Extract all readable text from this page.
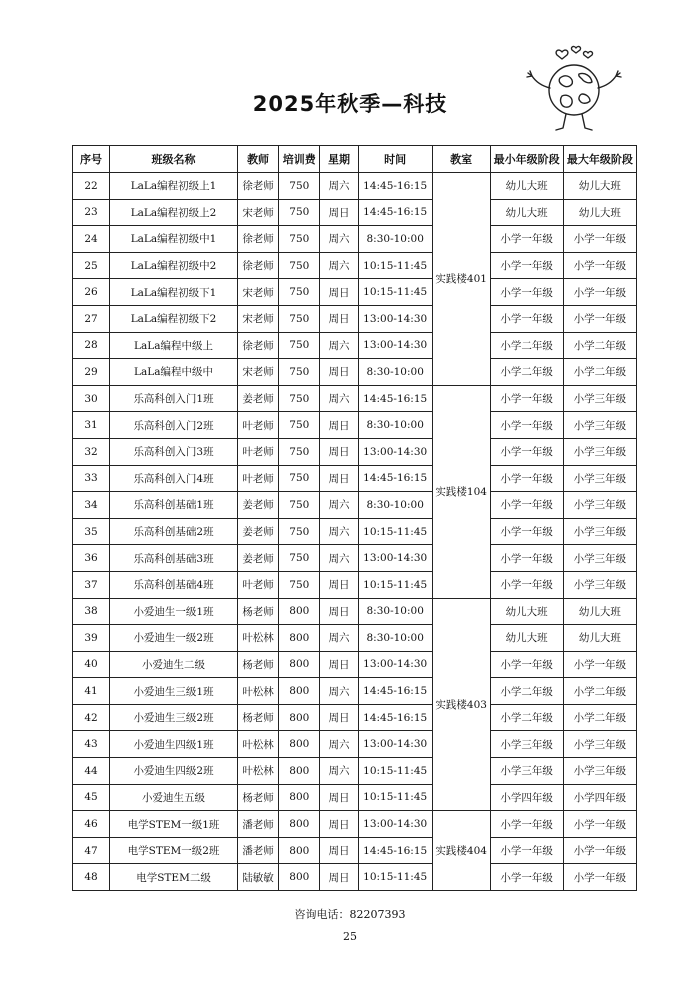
2025年秋季—科技
序号	班级名称	教师	培训费	星期	时间	教室	最小年级阶段	最大年级阶段
22	LaLa编程初级上1	徐老师	750	周六	14:45-16:15	实践楼401	幼儿大班	幼儿大班
23	LaLa编程初级上2	宋老师	750	周日	14:45-16:15		幼儿大班	幼儿大班
24	LaLa编程初级中1	徐老师	750	周六	8:30-10:00		小学一年级	小学一年级
25	LaLa编程初级中2	徐老师	750	周六	10:15-11:45		小学一年级	小学一年级
26	LaLa编程初级下1	宋老师	750	周日	10:15-11:45		小学一年级	小学一年级
27	LaLa编程初级下2	宋老师	750	周日	13:00-14:30		小学一年级	小学一年级
28	LaLa编程中级上	徐老师	750	周六	13:00-14:30		小学二年级	小学二年级
29	LaLa编程中级中	宋老师	750	周日	8:30-10:00		小学二年级	小学二年级
30	乐高科创入门1班	姜老师	750	周六	14:45-16:15	实践楼104	小学一年级	小学三年级
31	乐高科创入门2班	叶老师	750	周日	8:30-10:00		小学一年级	小学三年级
32	乐高科创入门3班	叶老师	750	周日	13:00-14:30		小学一年级	小学三年级
33	乐高科创入门4班	叶老师	750	周日	14:45-16:15		小学一年级	小学三年级
34	乐高科创基础1班	姜老师	750	周六	8:30-10:00		小学一年级	小学三年级
35	乐高科创基础2班	姜老师	750	周六	10:15-11:45		小学一年级	小学三年级
36	乐高科创基础3班	姜老师	750	周六	13:00-14:30		小学一年级	小学三年级
37	乐高科创基础4班	叶老师	750	周日	10:15-11:45		小学一年级	小学三年级
38	小爱迪生一级1班	杨老师	800	周日	8:30-10:00	实践楼403	幼儿大班	幼儿大班
39	小爱迪生一级2班	叶松林	800	周六	8:30-10:00		幼儿大班	幼儿大班
40	小爱迪生二级	杨老师	800	周日	13:00-14:30		小学一年级	小学一年级
41	小爱迪生三级1班	叶松林	800	周六	14:45-16:15		小学二年级	小学二年级
42	小爱迪生三级2班	杨老师	800	周日	14:45-16:15		小学二年级	小学二年级
43	小爱迪生四级1班	叶松林	800	周六	13:00-14:30		小学三年级	小学三年级
44	小爱迪生四级2班	叶松林	800	周六	10:15-11:45		小学三年级	小学三年级
45	小爱迪生五级	杨老师	800	周日	10:15-11:45		小学四年级	小学四年级
46	电学STEM一级1班	潘老师	800	周日	13:00-14:30	实践楼404	小学一年级	小学一年级
47	电学STEM一级2班	潘老师	800	周日	14:45-16:15		小学一年级	小学一年级
48	电学STEM二级	陆敏敏	800	周日	10:15-11:45		小学一年级	小学一年级
咨询电话：82207393
25
